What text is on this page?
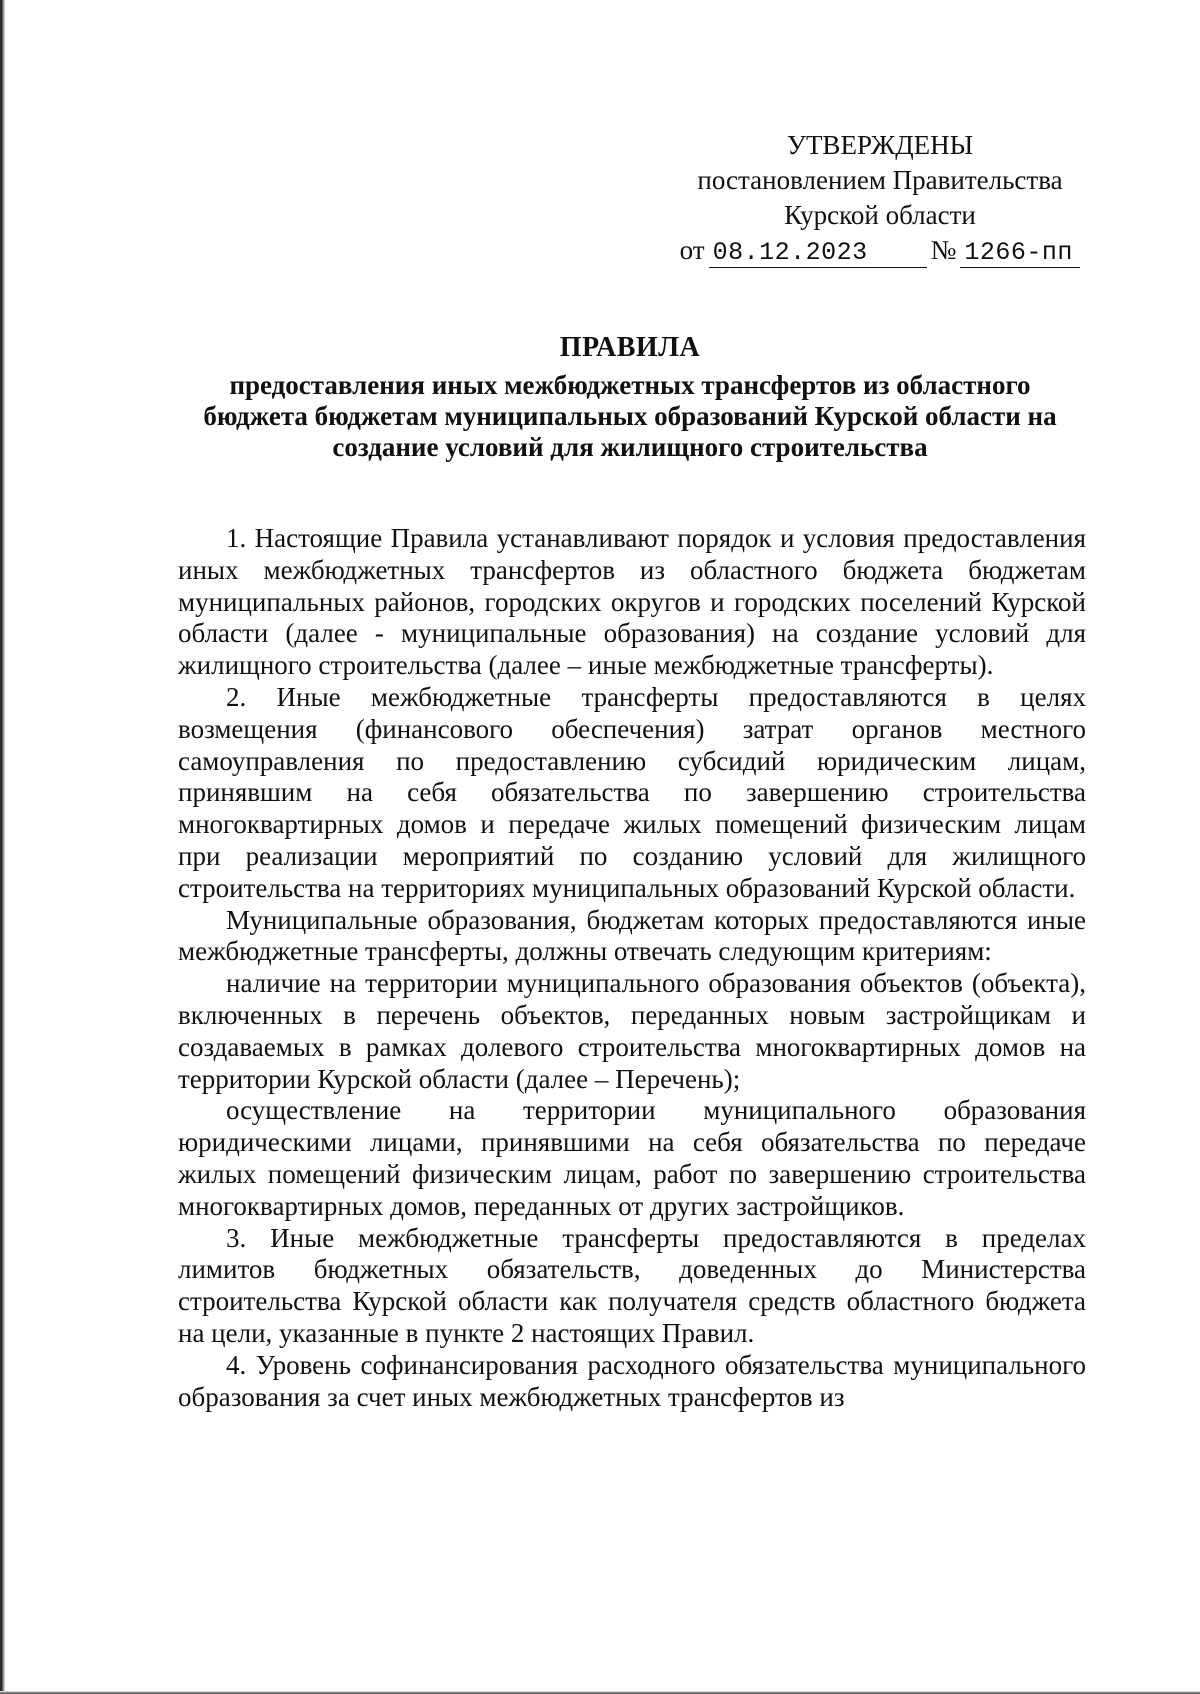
УТВЕРЖДЕНЫ
постановлением Правительства
Курской области
от 08.12.2023	№ 1266-пп
ПРАВИЛА
предоставления иных межбюджетных трансфертов из областного
бюджета бюджетам муниципальных образований Курской области на
создание условий для жилищного строительства

1. Настоящие Правила устанавливают порядок и условия предоставления иных межбюджетных трансфертов из областного бюджета бюджетам муниципальных районов, городских округов и городских поселений Курской области (далее - муниципальные образования) на создание условий для жилищного строительства (далее – иные межбюджетные трансферты).

2. Иные межбюджетные трансферты предоставляются в целях возмещения (финансового обеспечения) затрат органов местного самоуправления по предоставлению субсидий юридическим лицам, принявшим на себя обязательства по завершению строительства многоквартирных домов и передаче жилых помещений физическим лицам при реализации мероприятий по созданию условий для жилищного строительства на территориях муниципальных образований Курской области.

Муниципальные образования, бюджетам которых предоставляются иные межбюджетные трансферты, должны отвечать следующим критериям:

наличие на территории муниципального образования объектов (объекта), включенных в перечень объектов, переданных новым застройщикам и создаваемых в рамках долевого строительства многоквартирных домов на территории Курской области (далее – Перечень);

осуществление на территории муниципального образования юридическими лицами, принявшими на себя обязательства по передаче жилых помещений физическим лицам, работ по завершению строительства многоквартирных домов, переданных от других застройщиков.

3. Иные межбюджетные трансферты предоставляются в пределах лимитов бюджетных обязательств, доведенных до Министерства строительства Курской области как получателя средств областного бюджета на цели, указанные в пункте 2 настоящих Правил.

4. Уровень софинансирования расходного обязательства муниципального образования за счет иных межбюджетных трансфертов из
